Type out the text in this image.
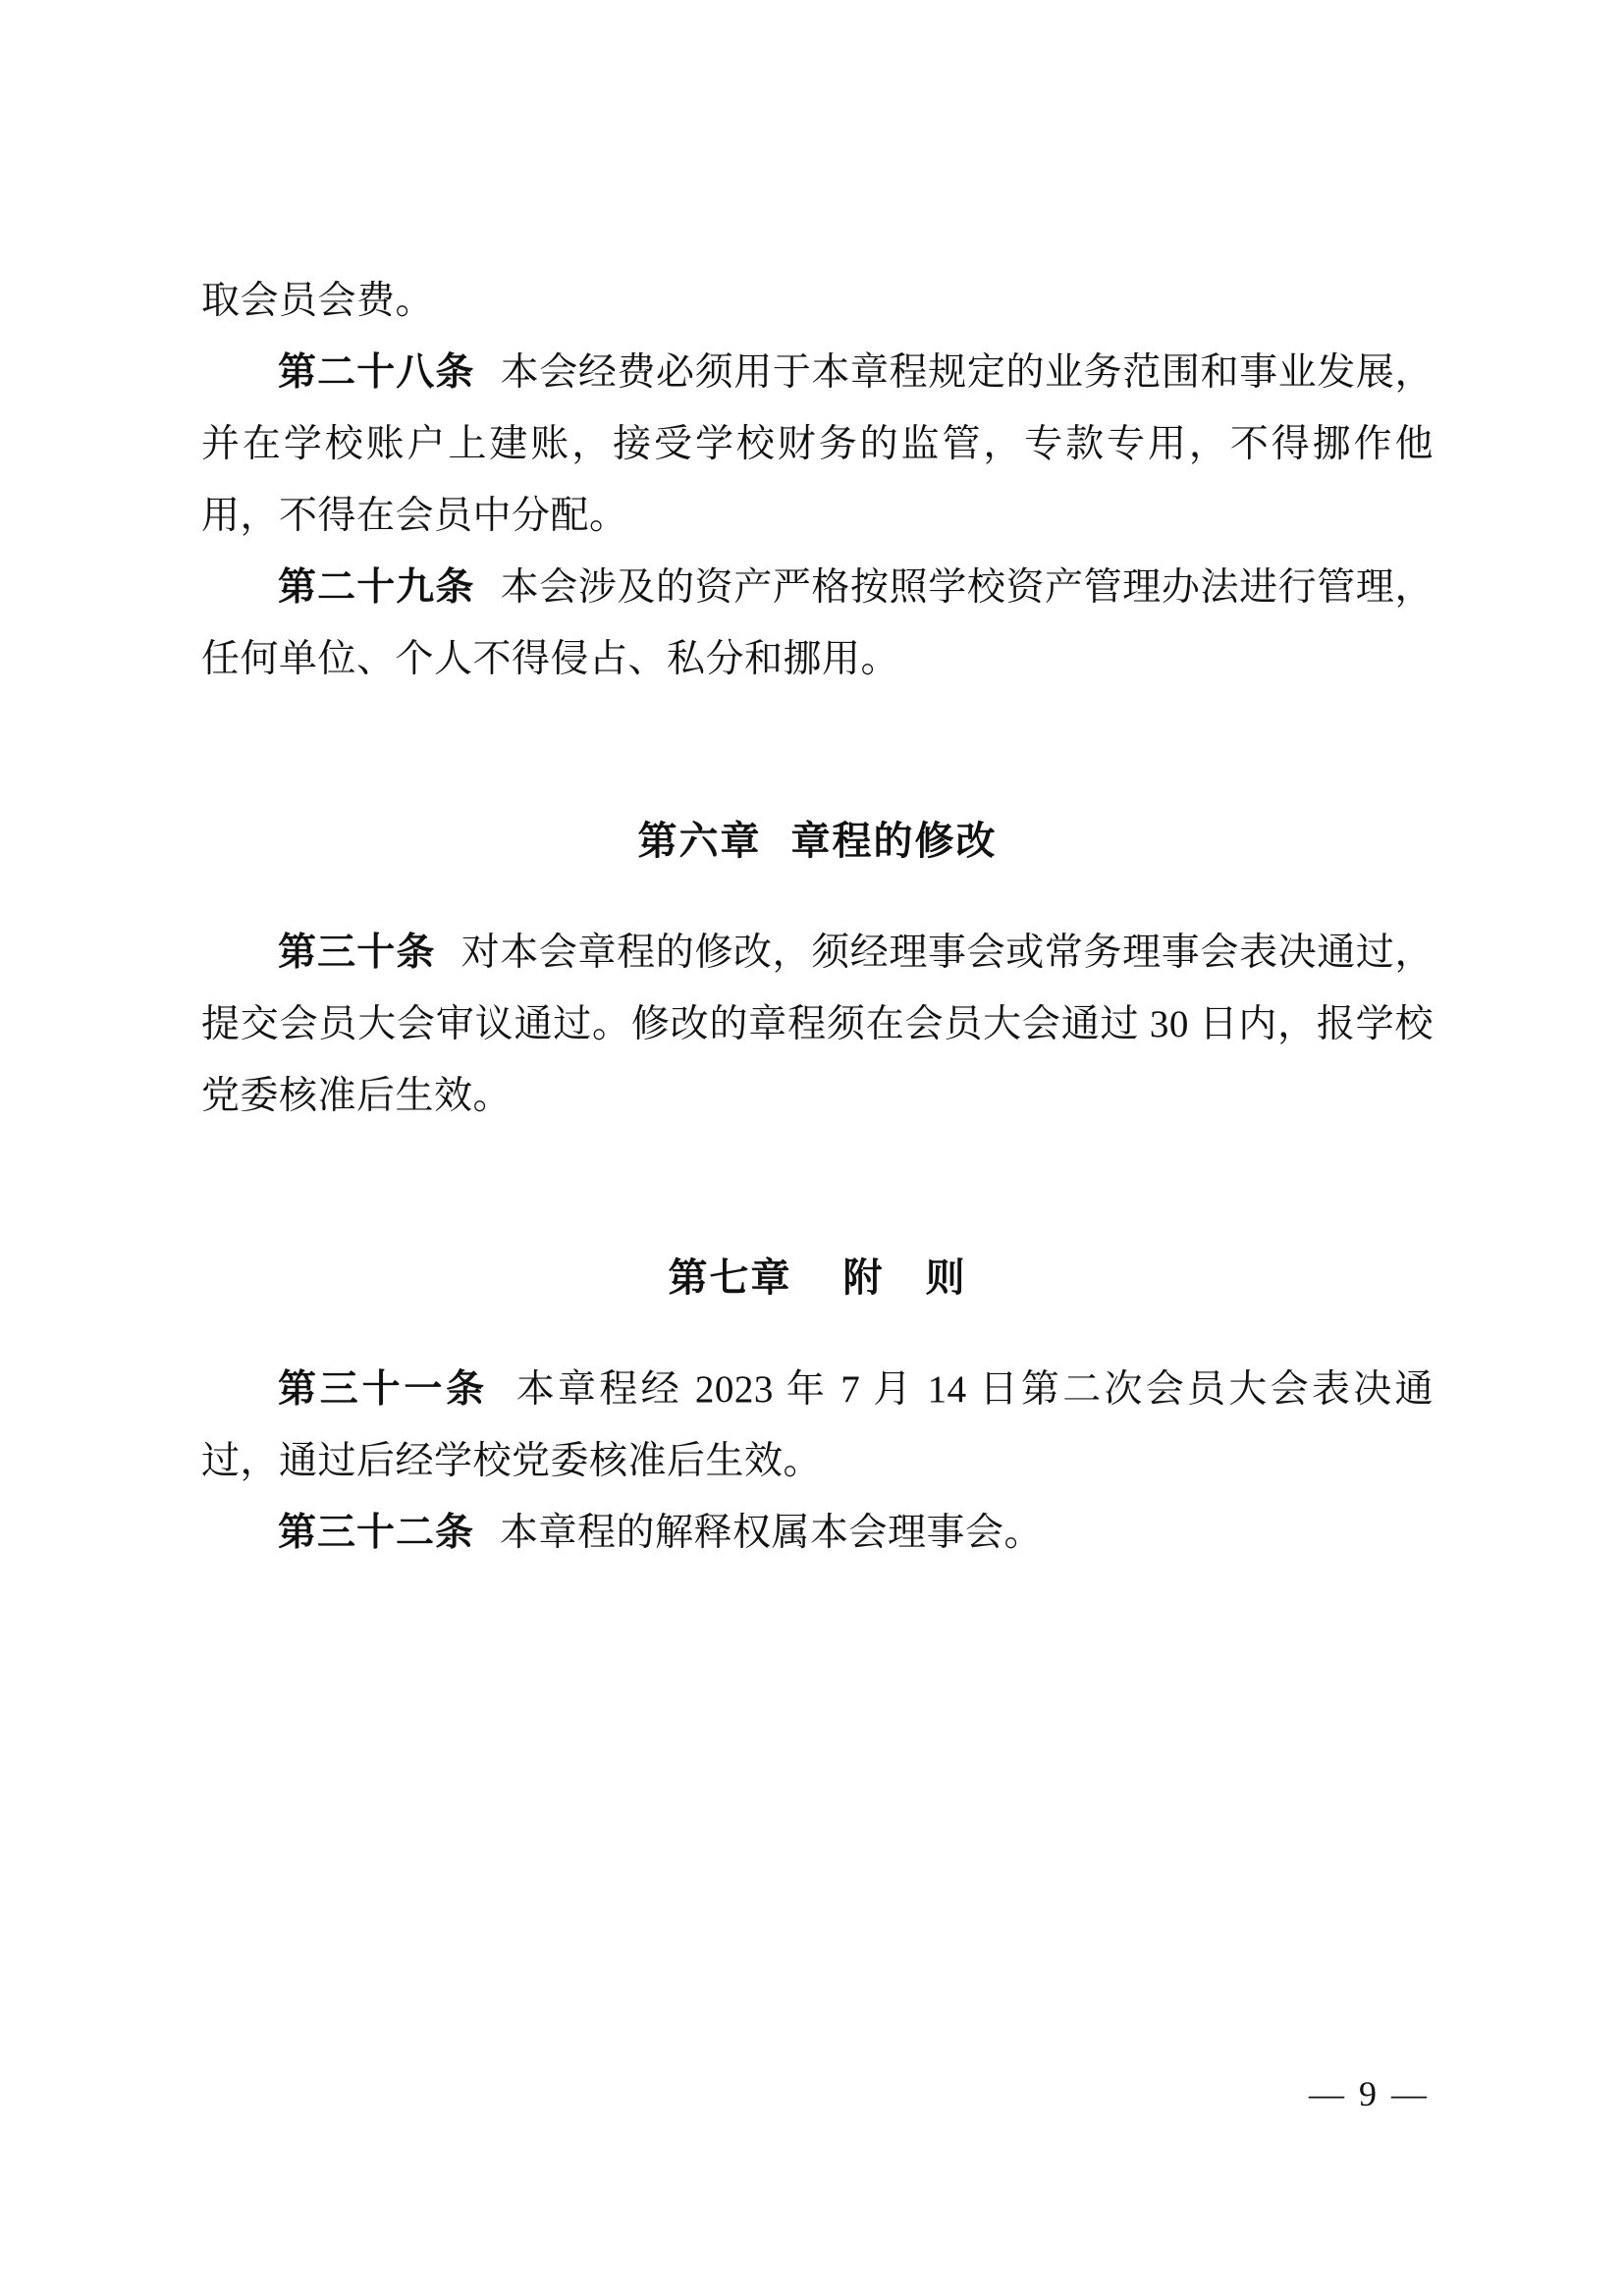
取会员会费。

第二十八条 本会经费必须用于本章程规定的业务范围和事业发展，并在学校账户上建账，接受学校财务的监管，专款专用，不得挪作他用，不得在会员中分配。

第二十九条 本会涉及的资产严格按照学校资产管理办法进行管理，任何单位、个人不得侵占、私分和挪用。

第六章 章程的修改

第三十条 对本会章程的修改，须经理事会或常务理事会表决通过，提交会员大会审议通过。修改的章程须在会员大会通过 30 日内，报学校党委核准后生效。

第七章 附　则

第三十一条 本章程经 2023 年 7 月 14 日第二次会员大会表决通过，通过后经学校党委核准后生效。

第三十二条 本章程的解释权属本会理事会。

— 9 —
